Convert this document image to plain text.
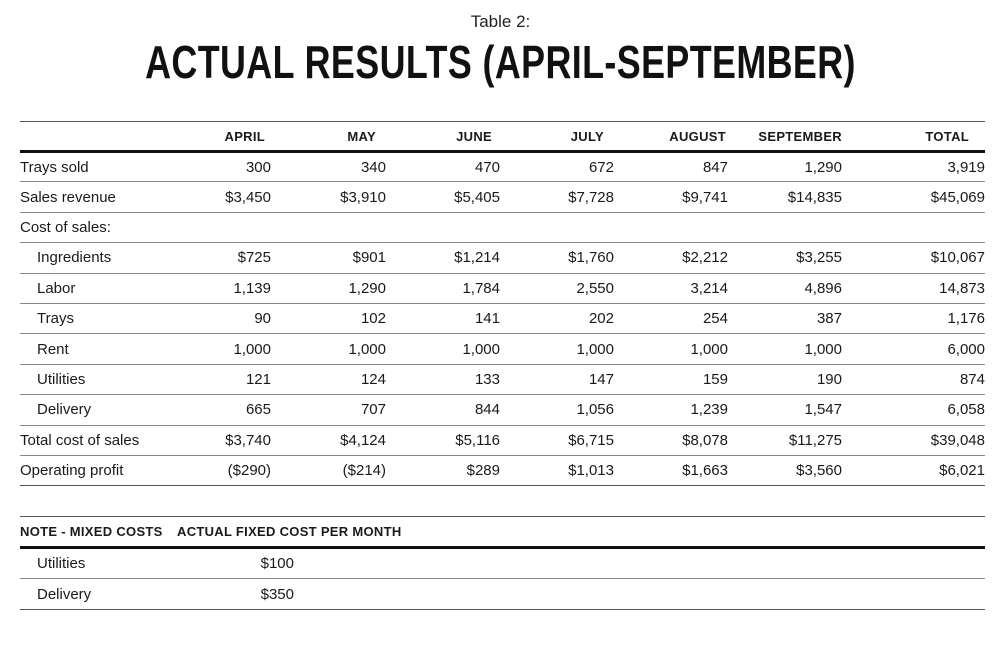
Table 2:
ACTUAL RESULTS (APRIL-SEPTEMBER)
	APRIL	MAY	JUNE	JULY	AUGUST	SEPTEMBER	TOTAL
Trays sold	300	340	470	672	847	1,290	3,919
Sales revenue	$3,450	$3,910	$5,405	$7,728	$9,741	$14,835	$45,069
Cost of sales:							
Ingredients	$725	$901	$1,214	$1,760	$2,212	$3,255	$10,067
Labor	1,139	1,290	1,784	2,550	3,214	4,896	14,873
Trays	90	102	141	202	254	387	1,176
Rent	1,000	1,000	1,000	1,000	1,000	1,000	6,000
Utilities	121	124	133	147	159	190	874
Delivery	665	707	844	1,056	1,239	1,547	6,058
Total cost of sales	$3,740	$4,124	$5,116	$6,715	$8,078	$11,275	$39,048
Operating profit	($290)	($214)	$289	$1,013	$1,663	$3,560	$6,021
NOTE - MIXED COSTS	ACTUAL FIXED COST PER MONTH	
Utilities	$100	
Delivery	$350	
